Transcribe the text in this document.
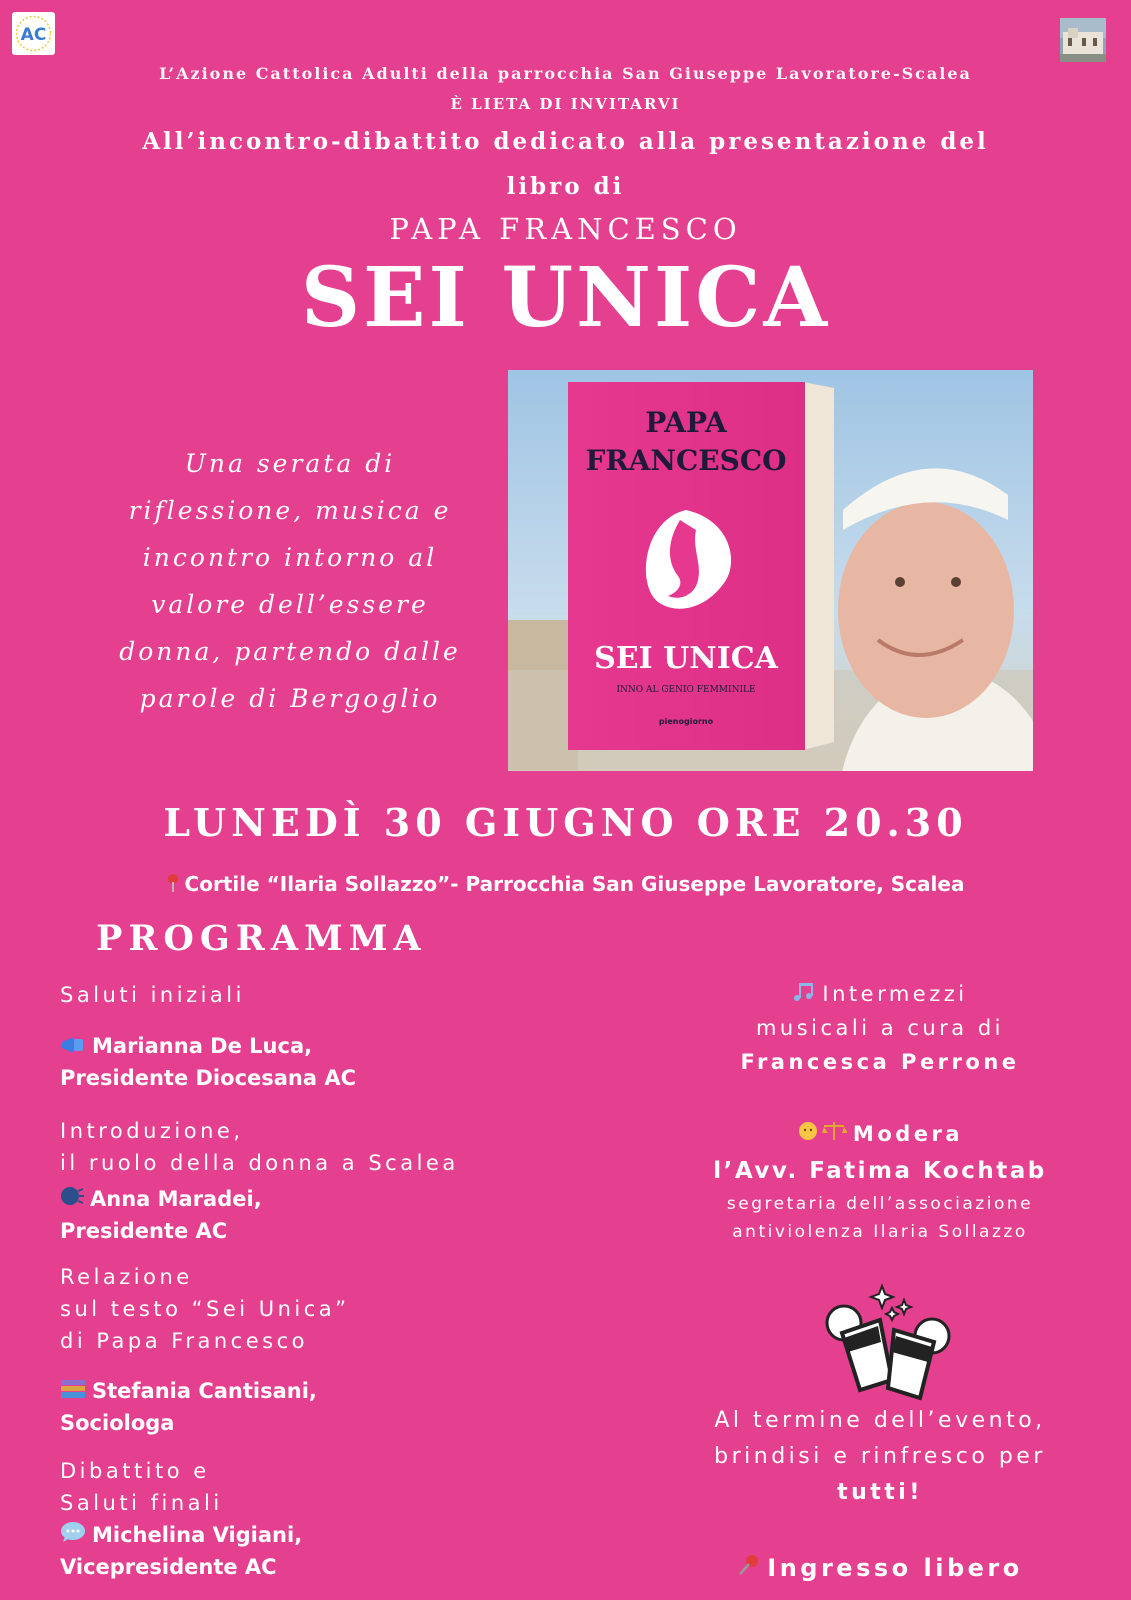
AC
L’Azione Cattolica Adulti della parrocchia San Giuseppe Lavoratore-Scalea
È LIETA DI INVITARVI
All’incontro-dibattito dedicato alla presentazione del
libro di
PAPA FRANCESCO
SEI UNICA
PAPA
FRANCESCO
SEI UNICA
INNO AL GENIO FEMMINILE
pienogiorno
Una serata di
riflessione, musica e
incontro intorno al
valore dell’essere
donna, partendo dalle
parole di Bergoglio
LUNEDÌ 30 GIUGNO ORE 20.30
Cortile “Ilaria Sollazzo”- Parrocchia San Giuseppe Lavoratore, Scalea
PROGRAMMA
Saluti iniziali
Marianna De Luca,
Presidente Diocesana AC
Introduzione,
il ruolo della donna a Scalea
Anna Maradei,
Presidente AC
Relazione
sul testo “Sei Unica”
di Papa Francesco
Stefania Cantisani,
Sociologa
Dibattito e
Saluti finali
Michelina Vigiani,
Vicepresidente AC
Intermezzi
musicali a cura di
Francesca Perrone
Modera
l’Avv. Fatima Kochtab
segretaria dell’associazione
antiviolenza Ilaria Sollazzo
Al termine dell’evento,
brindisi e rinfresco per
tutti!
Ingresso libero
